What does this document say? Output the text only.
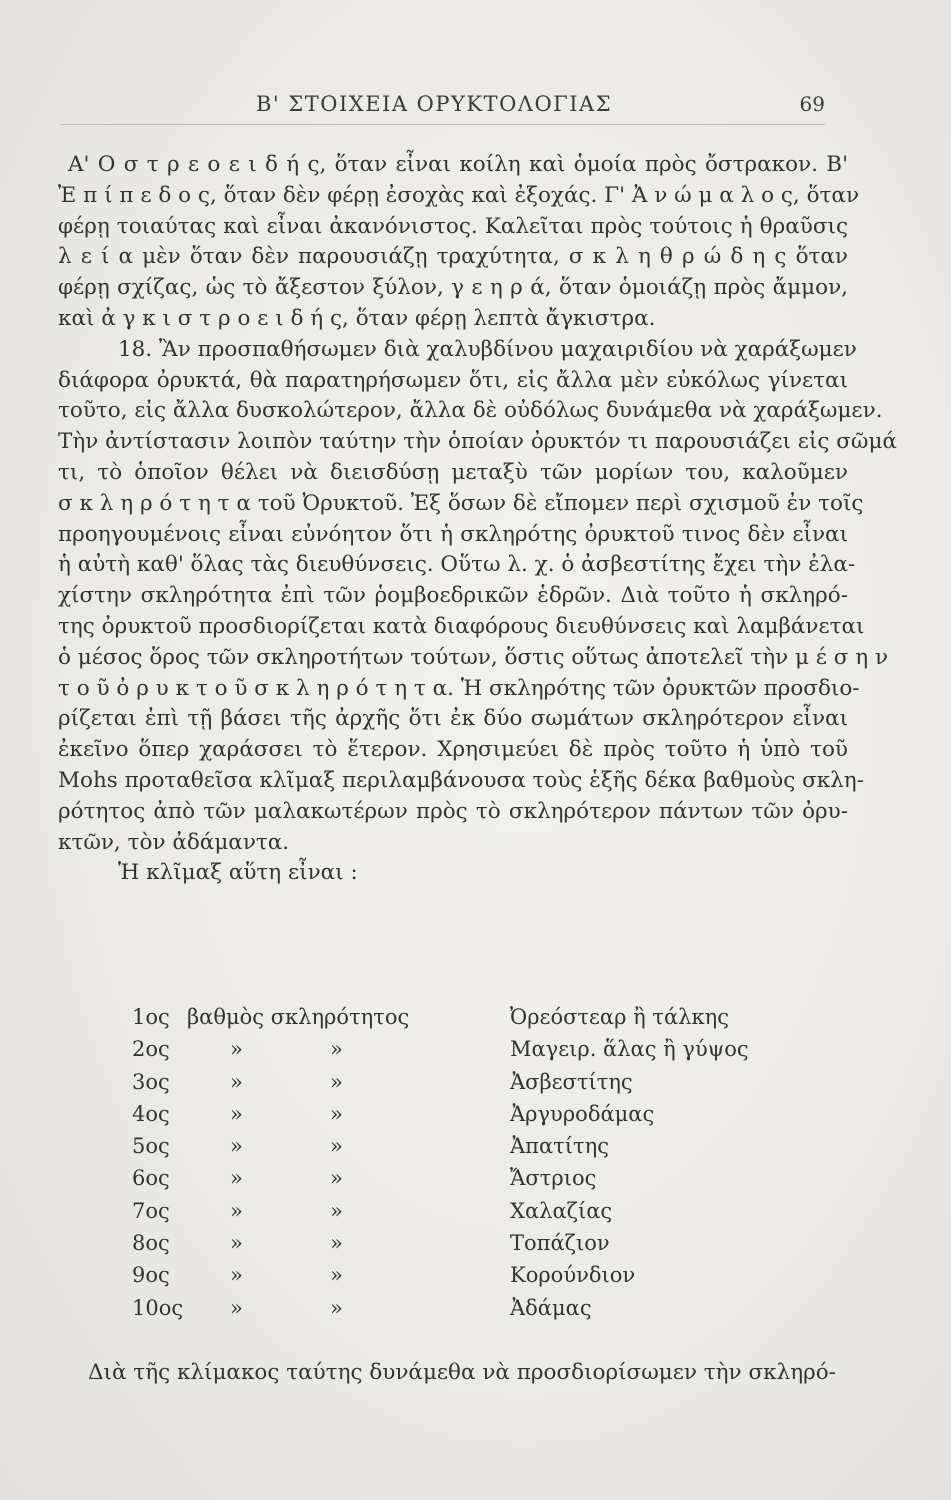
Β' ΣΤΟΙΧΕΙΑ ΟΡΥΚΤΟΛΟΓΙΑΣ	69
Α' Ο σ τ ρ ε ο ε ι δ ή ς, ὅταν εἶναι κοίλη καὶ ὁμοία πρὸς ὄστρακον. Β'
Ἐ π ί π ε δ ο ς, ὅταν δὲν φέρῃ ἐσοχὰς καὶ ἐξοχάς. Γ' Ἀ ν ώ μ α λ ο ς, ὅταν
φέρῃ τοιαύτας καὶ εἶναι ἀκανόνιστος. Καλεῖται πρὸς τούτοις ἡ θραῦσις
λ ε ί α μὲν ὅταν δὲν παρουσιάζῃ τραχύτητα, σ κ λ η θ ρ ώ δ η ς ὅταν
φέρῃ σχίζας, ὡς τὸ ἄξεστον ξύλον, γ ε η ρ ά, ὅταν ὁμοιάζῃ πρὸς ἄμμον,
καὶ ἀ γ κ ι σ τ ρ ο ε ι δ ή ς, ὅταν φέρῃ λεπτὰ ἄγκιστρα.
18. Ἂν προσπαθήσωμεν διὰ χαλυβδίνου μαχαιριδίου νὰ χαράξωμεν
διάφορα ὀρυκτά, θὰ παρατηρήσωμεν ὅτι, εἰς ἄλλα μὲν εὐκόλως γίνεται
τοῦτο, εἰς ἄλλα δυσκολώτερον, ἄλλα δὲ οὐδόλως δυνάμεθα νὰ χαράξωμεν.
Τὴν ἀντίστασιν λοιπὸν ταύτην τὴν ὁποίαν ὀρυκτόν τι παρουσιάζει εἰς σῶμά
τι, τὸ ὁποῖον θέλει νὰ διεισδύσῃ μεταξὺ τῶν μορίων του, καλοῦμεν
σ κ λ η ρ ό τ η τ α τοῦ Ὀρυκτοῦ. Ἐξ ὅσων δὲ εἴπομεν περὶ σχισμοῦ ἐν τοῖς
προηγουμένοις εἶναι εὐνόητον ὅτι ἡ σκληρότης ὀρυκτοῦ τινος δὲν εἶναι
ἡ αὐτὴ καθ' ὅλας τὰς διευθύνσεις. Οὕτω λ. χ. ὁ ἀσβεστίτης ἔχει τὴν ἐλα-
χίστην σκληρότητα ἐπὶ τῶν ῥομβοεδρικῶν ἑδρῶν. Διὰ τοῦτο ἡ σκληρό-
της ὀρυκτοῦ προσδιορίζεται κατὰ διαφόρους διευθύνσεις καὶ λαμβάνεται
ὁ μέσος ὅρος τῶν σκληροτήτων τούτων, ὅστις οὕτως ἀποτελεῖ τὴν μ έ σ η ν
τ ο ῦ ὀ ρ υ κ τ ο ῦ σ κ λ η ρ ό τ η τ α. Ἡ σκληρότης τῶν ὀρυκτῶν προσδιο-
ρίζεται ἐπὶ τῇ βάσει τῆς ἀρχῆς ὅτι ἐκ δύο σωμάτων σκληρότερον εἶναι
ἐκεῖνο ὅπερ χαράσσει τὸ ἕτερον. Χρησιμεύει δὲ πρὸς τοῦτο ἡ ὑπὸ τοῦ
Mohs προταθεῖσα κλῖμαξ περιλαμβάνουσα τοὺς ἑξῆς δέκα βαθμοὺς σκλη-
ρότητος ἀπὸ τῶν μαλακωτέρων πρὸς τὸ σκληρότερον πάντων τῶν ὀρυ-
κτῶν, τὸν ἀδάμαντα.
Ἡ κλῖμαξ αὕτη εἶναι :
1ος βαθμὸς σκληρότητος	Ὀρεόστεαρ ἢ τάλκης
2ος	»	»	Μαγειρ. ἅλας ἢ γύψος
3ος	»	»	Ἀσβεστίτης
4ος	»	»	Ἀργυροδάμας
5ος	»	»	Ἀπατίτης
6ος	»	»	Ἄστριος
7ος	»	»	Χαλαζίας
8ος	»	»	Τοπάζιον
9ος	»	»	Κορούνδιον
10ος »	»	Ἀδάμας
Διὰ τῆς κλίμακος ταύτης δυνάμεθα νὰ προσδιορίσωμεν τὴν σκληρό-
